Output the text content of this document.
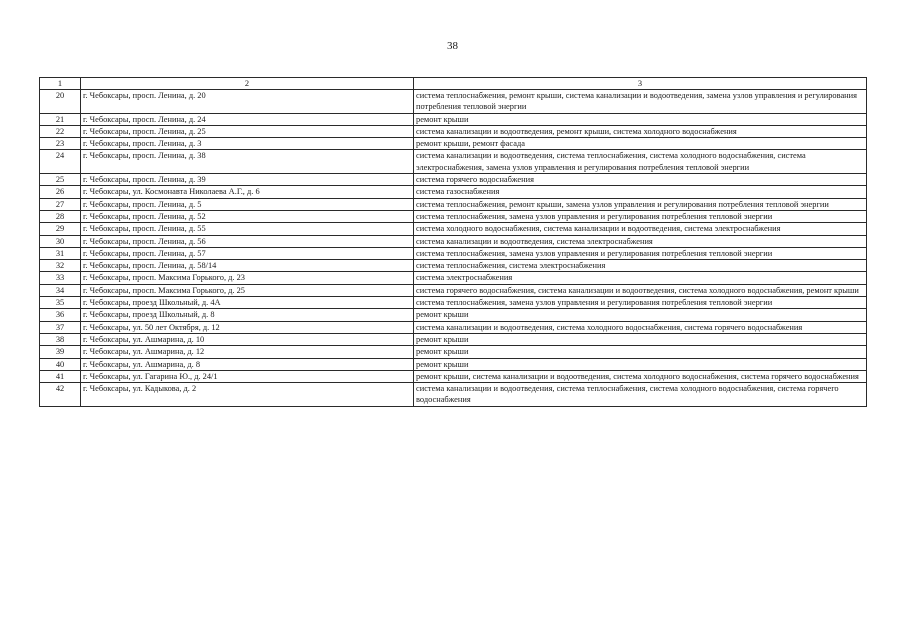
38
1	2	3
20	г. Чебоксары, просп. Ленина, д. 20	система теплоснабжения, ремонт крыши, система канализации и водоотведения, замена узлов управления и регулирования потребления тепловой энергии
21	г. Чебоксары, просп. Ленина, д. 24	ремонт крыши
22	г. Чебоксары, просп. Ленина, д. 25	система канализации и водоотведения, ремонт крыши, система холодного водоснабжения
23	г. Чебоксары, просп. Ленина, д. 3	ремонт крыши, ремонт фасада
24	г. Чебоксары, просп. Ленина, д. 38	система канализации и водоотведения, система теплоснабжения, система холодного водоснабжения, система электроснабжения, замена узлов управления и регулирования потребления тепловой энергии
25	г. Чебоксары, просп. Ленина, д. 39	система горячего водоснабжения
26	г. Чебоксары, ул. Космонавта Николаева А.Г., д. 6	система газоснабжения
27	г. Чебоксары, просп. Ленина, д. 5	система теплоснабжения, ремонт крыши, замена узлов управления и регулирования потребления тепловой энергии
28	г. Чебоксары, просп. Ленина, д. 52	система теплоснабжения, замена узлов управления и регулирования потребления тепловой энергии
29	г. Чебоксары, просп. Ленина, д. 55	система холодного водоснабжения, система канализации и водоотведения, система электроснабжения
30	г. Чебоксары, просп. Ленина, д. 56	система канализации и водоотведения, система электроснабжения
31	г. Чебоксары, просп. Ленина, д. 57	система теплоснабжения, замена узлов управления и регулирования потребления тепловой энергии
32	г. Чебоксары, просп. Ленина, д. 58/14	система теплоснабжения, система электроснабжения
33	г. Чебоксары, просп. Максима Горького, д. 23	система электроснабжения
34	г. Чебоксары, просп. Максима Горького, д. 25	система горячего водоснабжения, система канализации и водоотведения, система холодного водоснабжения, ремонт крыши
35	г. Чебоксары, проезд Школьный, д. 4А	система теплоснабжения, замена узлов управления и регулирования потребления тепловой энергии
36	г. Чебоксары, проезд Школьный, д. 8	ремонт крыши
37	г. Чебоксары, ул. 50 лет Октября, д. 12	система канализации и водоотведения, система холодного водоснабжения, система горячего водоснабжения
38	г. Чебоксары, ул. Ашмарина, д. 10	ремонт крыши
39	г. Чебоксары, ул. Ашмарина, д. 12	ремонт крыши
40	г. Чебоксары, ул. Ашмарина, д. 8	ремонт крыши
41	г. Чебоксары, ул. Гагарина Ю., д. 24/1	ремонт крыши, система канализации и водоотведения, система холодного водоснабжения, система горячего водоснабжения
42	г. Чебоксары, ул. Кадыкова, д. 2	система канализации и водоотведения, система теплоснабжения, система холодного водоснабжения, система горячего водоснабжения
